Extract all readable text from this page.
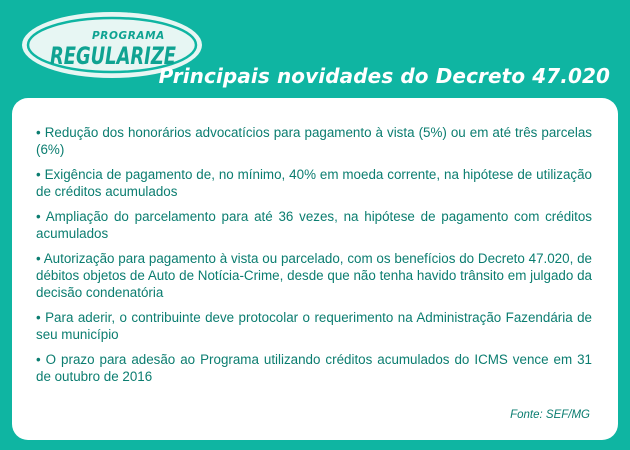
PROGRAMA
REGULARIZE
Principais novidades do Decreto 47.020
• Redução dos honorários advocatícios para pagamento à vista (5%) ou em até três parcelas (6%)
• Exigência de pagamento de, no mínimo, 40% em moeda corrente, na hipótese de utilização de créditos acumulados
• Ampliação do parcelamento para até 36 vezes, na hipótese de pagamento com créditos acumulados
• Autorização para pagamento à vista ou parcelado, com os benefícios do Decreto 47.020, de débitos objetos de Auto de Notícia-Crime, desde que não tenha havido trânsito em julgado da decisão condenatória
• Para aderir, o contribuinte deve protocolar o requerimento na Administração Fazendária de seu município
• O prazo para adesão ao Programa utilizando créditos acumulados do ICMS vence em 31 de outubro de 2016
Fonte: SEF/MG
